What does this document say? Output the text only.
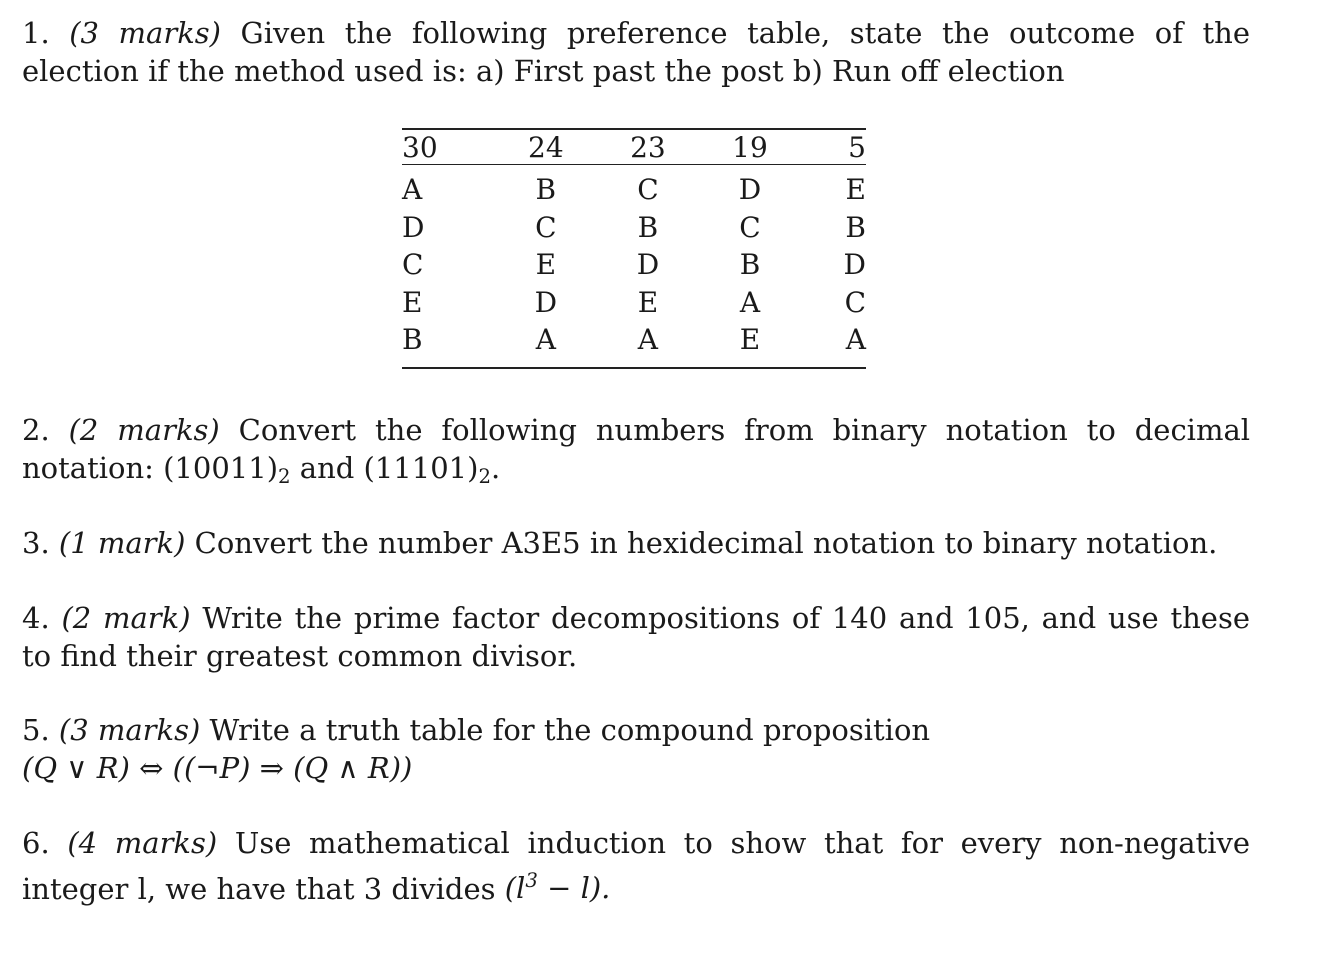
1. (3 marks) Given the following preference table, state the outcome of the election if the method used is: a) First past the post b) Run off election

30	24	23	19	5
A	B	C	D	E
D	C	B	C	B
C	E	D	B	D
E	D	E	A	C
B	A	A	E	A

2. (2 marks) Convert the following numbers from binary notation to decimal notation: $(10011)_2$ and $(11101)_2$.

3. (1 mark) Convert the number A3E5 in hexidecimal notation to binary notation.

4. (2 mark) Write the prime factor decompositions of 140 and 105, and use these to find their greatest common divisor.

5. (3 marks) Write a truth table for the compound proposition
(Q ∨ R) ⇔ ((¬P) ⇒ (Q ∧ R))

6. (4 marks) Use mathematical induction to show that for every non-negative integer l, we have that 3 divides $(l^3 - l)$.
